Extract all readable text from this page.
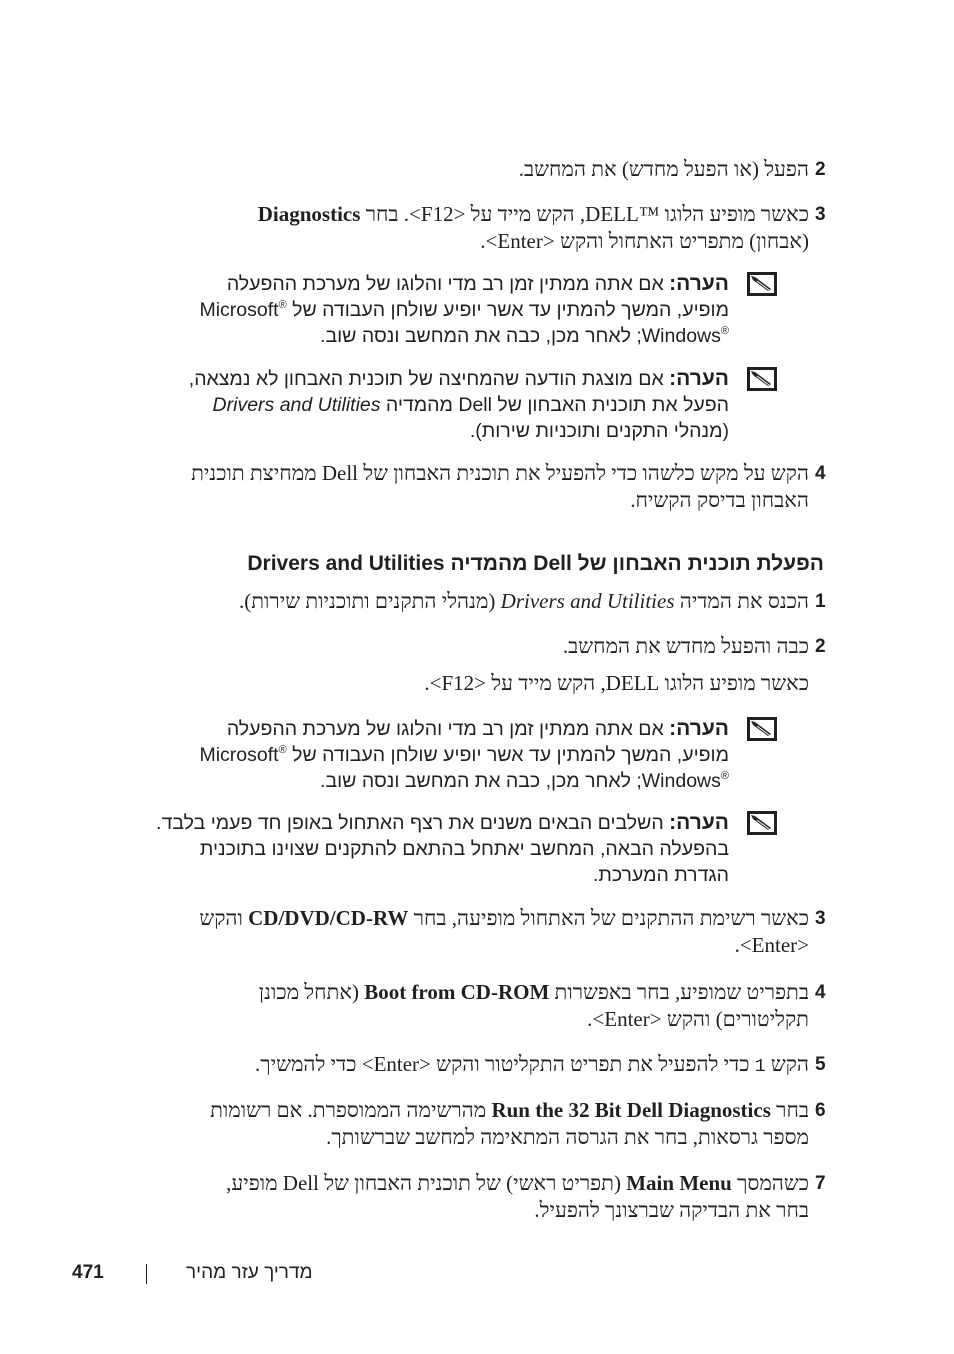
2
הפעל (או הפעל מחדש) את המחשב.
3
כאשר מופיע הלוגו ™DELL, הקש מייד על <F12>. בחר Diagnostics
(אבחון) מתפריט האתחול והקש <Enter>.
הערה: אם אתה ממתין זמן רב מדי והלוגו של מערכת ההפעלה
מופיע, המשך להמתין עד אשר יופיע שולחן העבודה של Microsoft®
Windows®; לאחר מכן, כבה את המחשב ונסה שוב.
הערה: אם מוצגת הודעה שהמחיצה של תוכנית האבחון לא נמצאה,
הפעל את תוכנית האבחון של Dell מהמדיה Drivers and Utilities
(מנהלי התקנים ותוכניות שירות).
4
הקש על מקש כלשהו כדי להפעיל את תוכנית האבחון של Dell ממחיצת תוכנית
האבחון בדיסק הקשיח.
הפעלת תוכנית האבחון של Dell מהמדיה Drivers and Utilities
1
הכנס את המדיה Drivers and Utilities (מנהלי התקנים ותוכניות שירות).
2
כבה והפעל מחדש את המחשב.
כאשר מופיע הלוגו DELL, הקש מייד על <F12>.
הערה: אם אתה ממתין זמן רב מדי והלוגו של מערכת ההפעלה
מופיע, המשך להמתין עד אשר יופיע שולחן העבודה של Microsoft®
Windows®; לאחר מכן, כבה את המחשב ונסה שוב.
הערה: השלבים הבאים משנים את רצף האתחול באופן חד פעמי בלבד.
בהפעלה הבאה, המחשב יאתחל בהתאם להתקנים שצוינו בתוכנית
הגדרת המערכת.
3
כאשר רשימת ההתקנים של האתחול מופיעה, בחר CD/DVD/CD-RW והקש
<Enter>.
4
בתפריט שמופיע, בחר באפשרות Boot from CD-ROM (אתחל מכונן
תקליטורים) והקש <Enter>.
5
הקש 1 כדי להפעיל את תפריט התקליטור והקש <Enter> כדי להמשיך.
6
בחר Run the 32 Bit Dell Diagnostics מהרשימה הממוספרת. אם רשומות
מספר גרסאות, בחר את הגרסה המתאימה למחשב שברשותך.
7
כשהמסך Main Menu (תפריט ראשי) של תוכנית האבחון של Dell מופיע,
בחר את הבדיקה שברצונך להפעיל.
471	מדריך עזר מהיר
